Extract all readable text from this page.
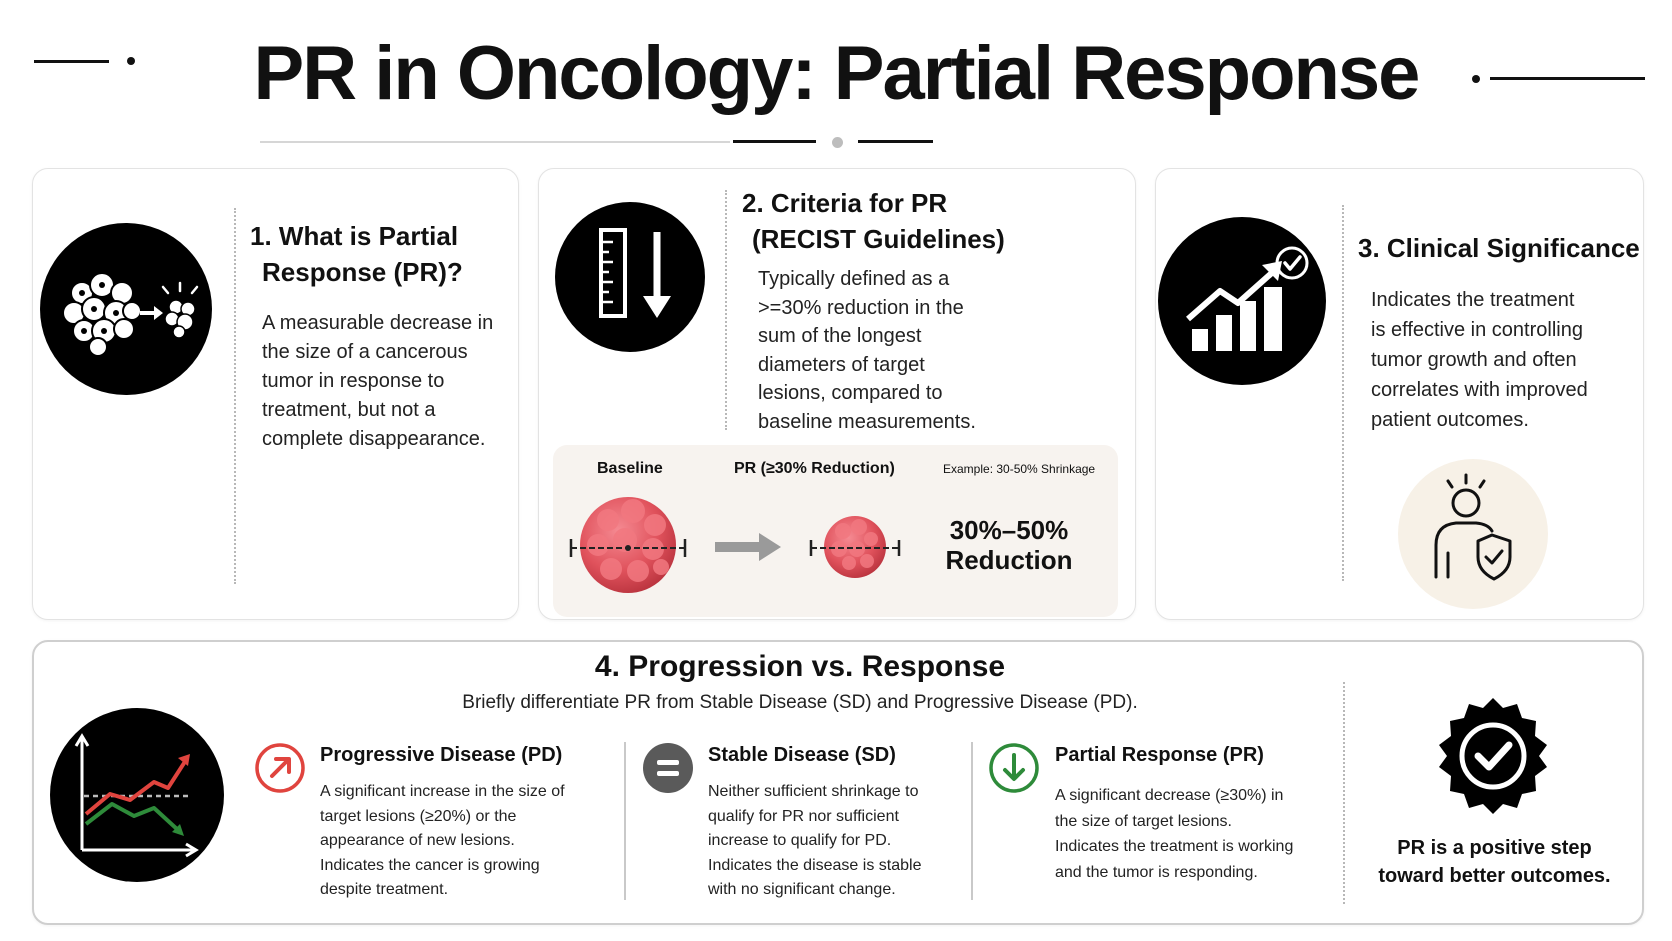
PR in Oncology: Partial Response
1. What is Partial
Response (PR)?
A measurable decrease in
the size of a cancerous
tumor in response to
treatment, but not a
complete disappearance.
2. Criteria for PR
(RECIST Guidelines)
Typically defined as a
>=30% reduction in the
sum of the longest
diameters of target
lesions, compared to
baseline measurements.
Baseline	PR (≥30% Reduction)	Example: 30-50% Shrinkage
30%–50%
Reduction
3. Clinical Significance
Indicates the treatment
is effective in controlling
tumor growth and often
correlates with improved
patient outcomes.
4. Progression vs. Response
Briefly differentiate PR from Stable Disease (SD) and Progressive Disease (PD).
Progressive Disease (PD)
A significant increase in the size of
target lesions (≥20%) or the
appearance of new lesions.
Indicates the cancer is growing
despite treatment.
Stable Disease (SD)
Neither sufficient shrinkage to
qualify for PR nor sufficient
increase to qualify for PD.
Indicates the disease is stable
with no significant change.
Partial Response (PR)
A significant decrease (≥30%) in
the size of target lesions.
Indicates the treatment is working
and the tumor is responding.
PR is a positive step
toward better outcomes.
